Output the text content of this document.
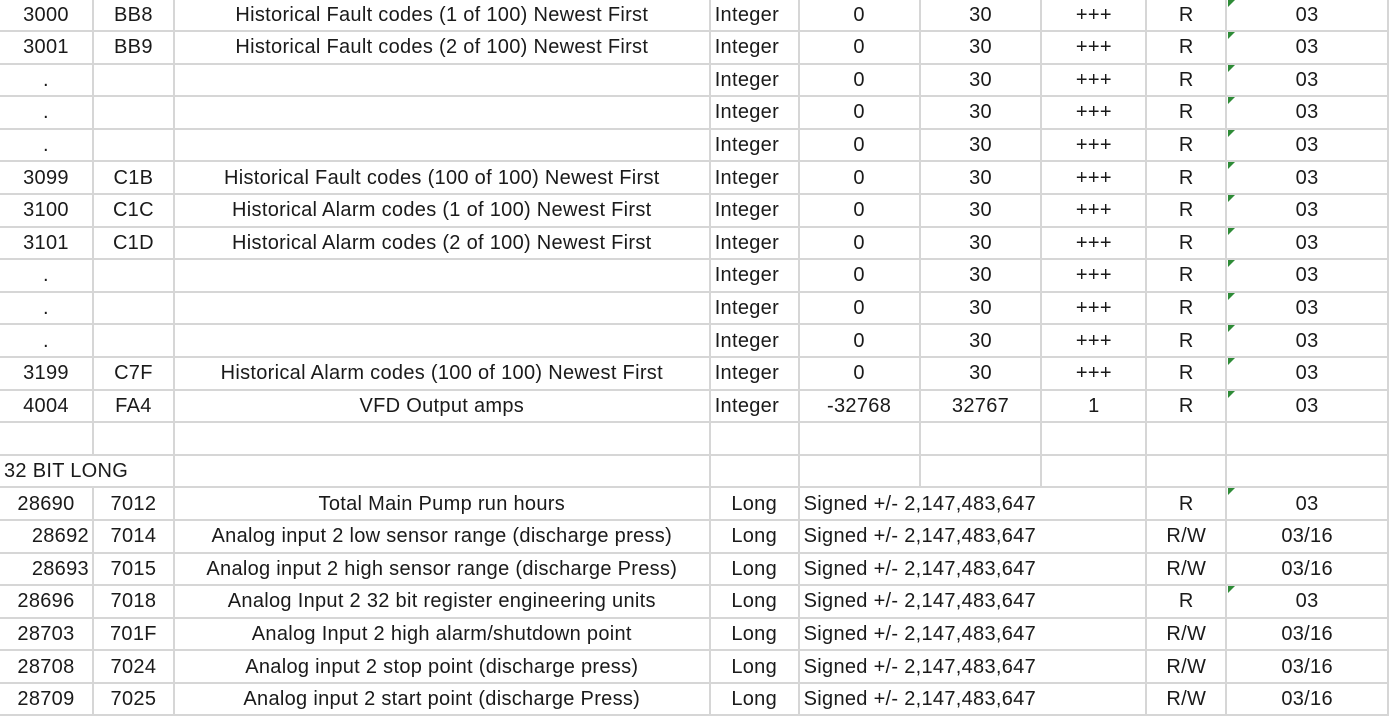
3000	BB8	Historical Fault codes (1 of 100) Newest First	Integer	0	30	+++	R	03
3001	BB9	Historical Fault codes (2 of 100) Newest First	Integer	0	30	+++	R	03
.			Integer	0	30	+++	R	03
.			Integer	0	30	+++	R	03
.			Integer	0	30	+++	R	03
3099	C1B	Historical Fault codes (100 of 100) Newest First	Integer	0	30	+++	R	03
3100	C1C	Historical Alarm codes (1 of 100) Newest First	Integer	0	30	+++	R	03
3101	C1D	Historical Alarm codes (2 of 100) Newest First	Integer	0	30	+++	R	03
.			Integer	0	30	+++	R	03
.			Integer	0	30	+++	R	03
.			Integer	0	30	+++	R	03
3199	C7F	Historical Alarm codes (100 of 100) Newest First	Integer	0	30	+++	R	03
4004	FA4	VFD Output amps	Integer	-32768	32767	1	R	03

32 BIT LONG								
28690	7012	Total Main Pump run hours	Long	Signed +/- 2,147,483,647			R	03
28692	7014	Analog input 2 low sensor range (discharge press)	Long	Signed +/- 2,147,483,647			R/W	03/16
28693	7015	Analog input 2 high sensor range (discharge Press)	Long	Signed +/- 2,147,483,647			R/W	03/16
28696	7018	Analog Input 2 32 bit register engineering units	Long	Signed +/- 2,147,483,647			R	03
28703	701F	Analog Input 2 high alarm/shutdown point	Long	Signed +/- 2,147,483,647			R/W	03/16
28708	7024	Analog input 2 stop point (discharge press)	Long	Signed +/- 2,147,483,647			R/W	03/16
28709	7025	Analog input 2 start point (discharge Press)	Long	Signed +/- 2,147,483,647			R/W	03/16
